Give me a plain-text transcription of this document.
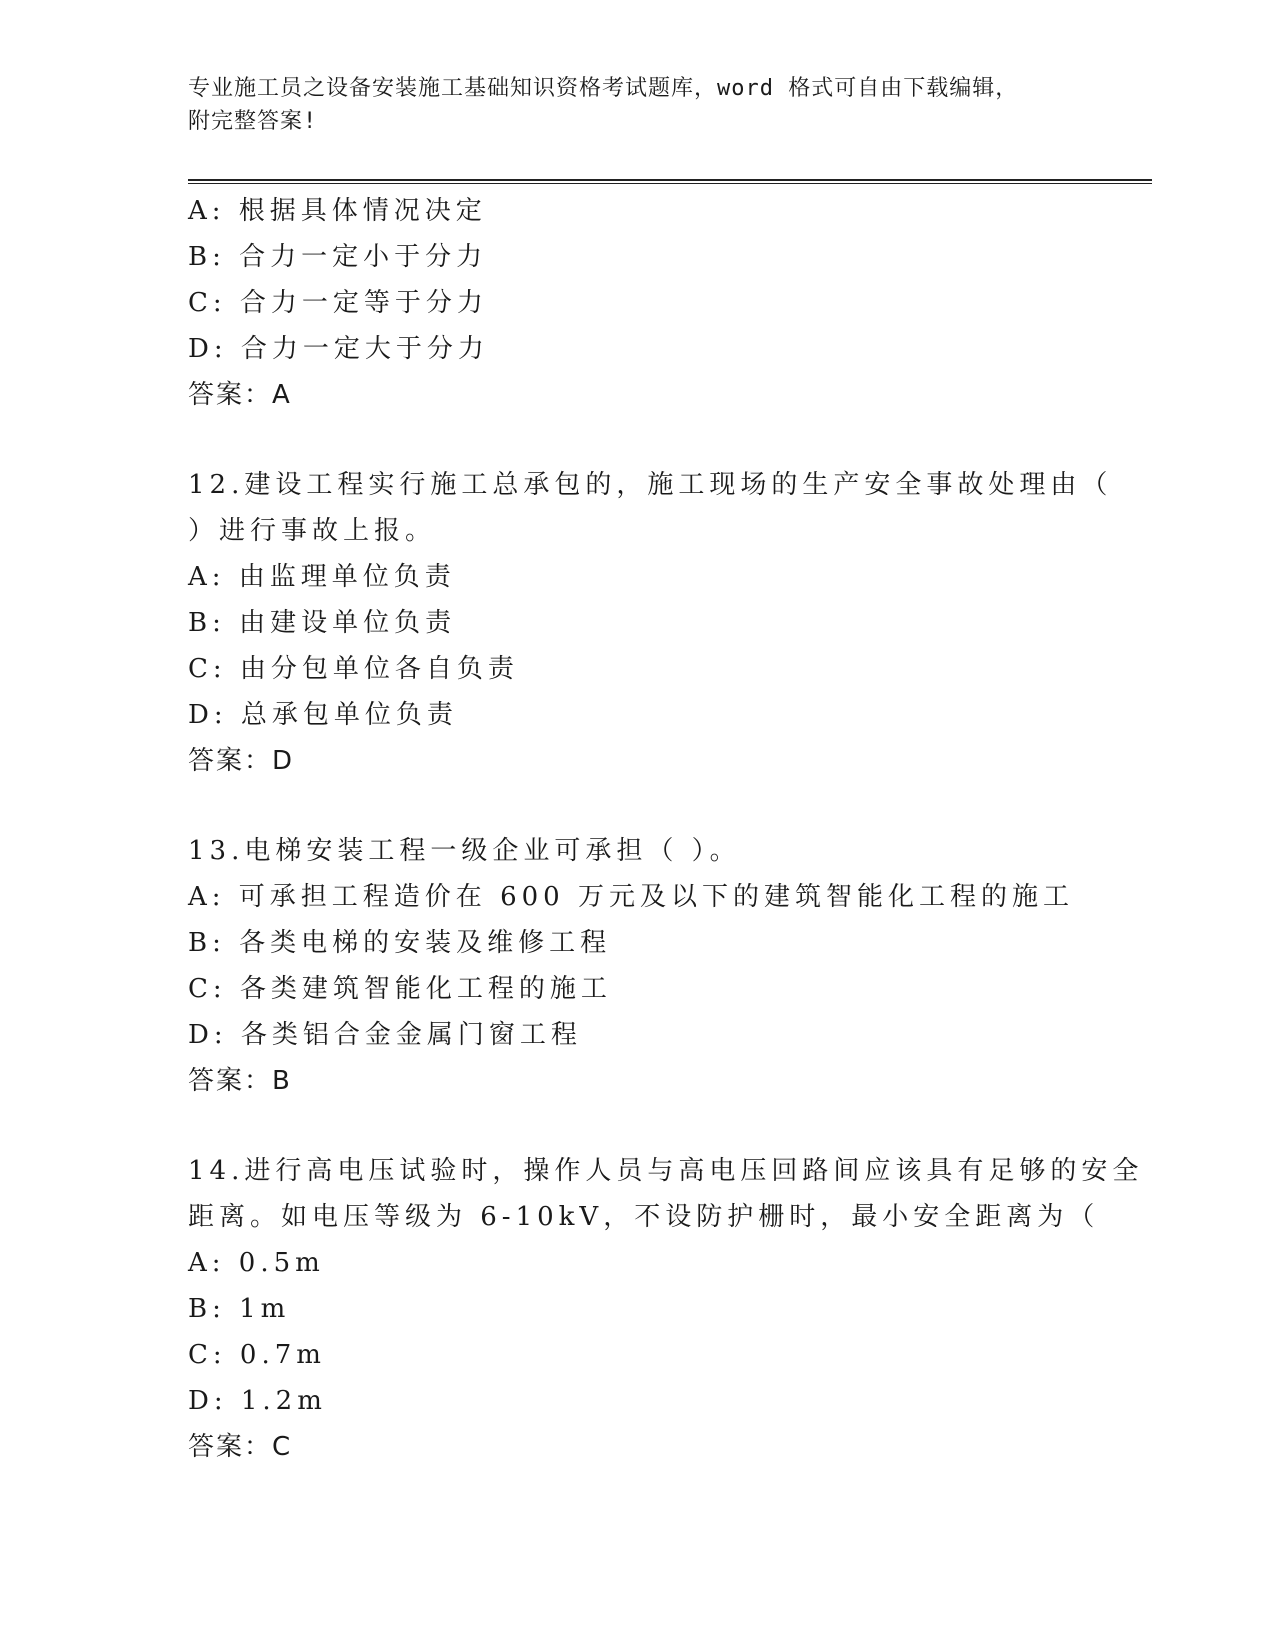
专业施工员之设备安装施工基础知识资格考试题库，word 格式可自由下载编辑，
附完整答案!
A: 根据具体情况决定
B: 合力一定小于分力
C: 合力一定等于分力
D: 合力一定大于分力
答案：A
12.建设工程实行施工总承包的，施工现场的生产安全事故处理由（
）进行事故上报。
A: 由监理单位负责
B: 由建设单位负责
C: 由分包单位各自负责
D: 总承包单位负责
答案：D
13.电梯安装工程一级企业可承担（ ）。
A: 可承担工程造价在 600 万元及以下的建筑智能化工程的施工
B: 各类电梯的安装及维修工程
C: 各类建筑智能化工程的施工
D: 各类铝合金金属门窗工程
答案：B
14.进行高电压试验时，操作人员与高电压回路间应该具有足够的安全
距离。如电压等级为 6-10kV，不设防护栅时，最小安全距离为（
A: 0.5m
B: 1m
C: 0.7m
D: 1.2m
答案：C
